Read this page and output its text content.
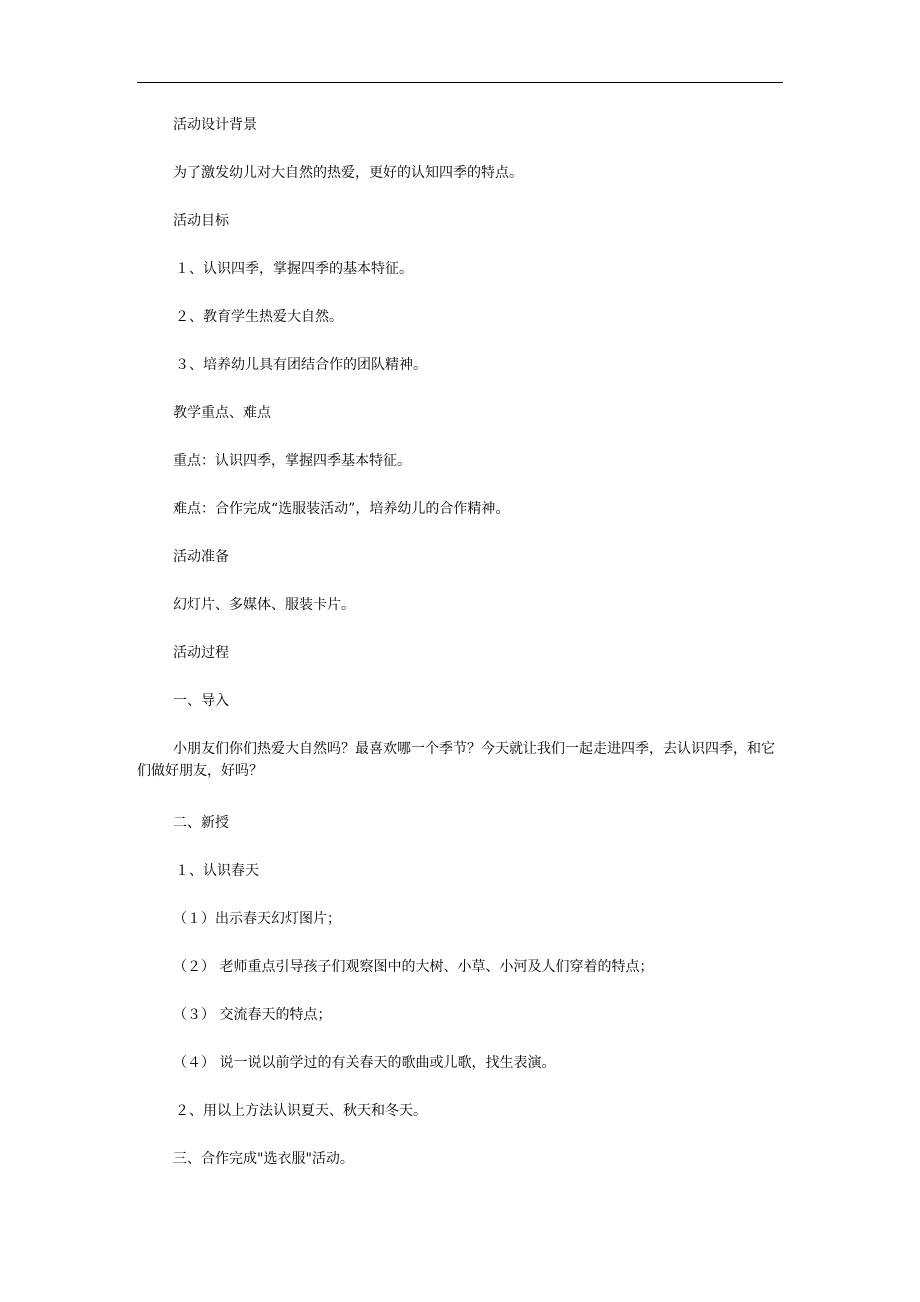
活动设计背景
为了激发幼儿对大自然的热爱，更好的认知四季的特点。
活动目标
１、认识四季，掌握四季的基本特征。
２、教育学生热爱大自然。
３、培养幼儿具有团结合作的团队精神。
教学重点、难点
重点：认识四季，掌握四季基本特征。
难点：合作完成“选服装活动”，培养幼儿的合作精神。
活动准备
幻灯片、多媒体、服装卡片。
活动过程
一、导入
小朋友们你们热爱大自然吗？最喜欢哪一个季节？今天就让我们一起走进四季，去认识四季，和它们做好朋友，好吗？
二、新授
１、认识春天
（１）出示春天幻灯图片；
（２） 老师重点引导孩子们观察图中的大树、小草、小河及人们穿着的特点；
（３） 交流春天的特点；
（４） 说一说以前学过的有关春天的歌曲或儿歌，找生表演。
２、用以上方法认识夏天、秋天和冬天。
三、合作完成"选衣服"活动。
